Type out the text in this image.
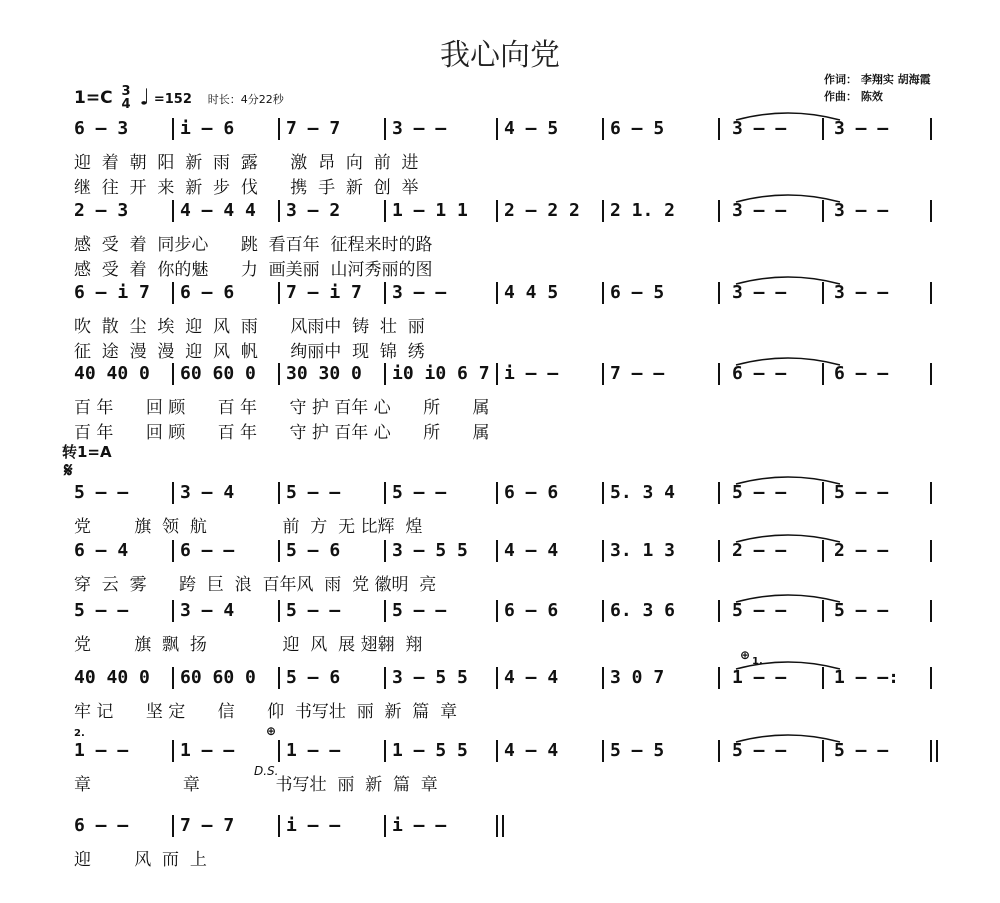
我心向党
1=C 3
4 ♩ =152 时长：4分22秒
作词： 李翔实 胡海霞
作曲： 陈效
转1=A
𝄋
⊕ 1.
2.	⊕
D.S.
6 – 3	i – 6	7 – 7	3 – –	4 – 5	6 – 5	3 – –	3 – –
迎  着  朝  阳  新  雨  露      激  昂  向  前  进
继  往  开  来  新  步  伐      携  手  新  创  举
2 – 3	4 – 4 4 3 – 2	1 – 1 1 2 – 2 2 2 1. 2	3 – –	3 – –
感  受  着  同步心      跳  看百年  征程来时的路
感  受  着  你的魅      力  画美丽  山河秀丽的图
6 – i 7 6 – 6	7 – i 7 3 – –	4 4 5	6 – 5	3 – –	3 – –
吹  散  尘  埃  迎  风  雨      风雨中  铸  壮  丽
征  途  漫  漫  迎  风  帆      绚丽中  现  锦  绣
40 40 0 60 60 0 30 30 0 i0 i0 6 7 i – –	7 – –	6 – –	6 – –
百 年      回 顾      百 年      守 护 百年 心      所      属
百 年      回 顾      百 年      守 护 百年 心      所      属
5 – –	3 – 4	5 – –	5 – –	6 – 6	5. 3 4	5 – –	5 – –
党        旗  领  航              前  方  无 比辉  煌
6 – 4	6 – –	5 – 6	3 – 5 5 4 – 4	3. 1 3	2 – –	2 – –
穿  云  雾      跨  巨  浪  百年风  雨  党 徽明  亮
5 – –	3 – 4	5 – –	5 – –	6 – 6	6. 3 6	5 – –	5 – –
党        旗  飘  扬              迎  风  展 翅翱  翔
40 40 0 60 60 0 5 – 6	3 – 5 5 4 – 4	3 0 7	1 – –	1 – –:
牢 记      坚 定      信      仰  书写壮  丽  新  篇  章
1 – –	1 – –	1 – –	1 – 5 5 4 – 4	5 – 5	5 – –	5 – –
章                 章              书写壮  丽  新  篇  章
6 – –	7 – 7	i – –	i – –
迎        风  而  上
